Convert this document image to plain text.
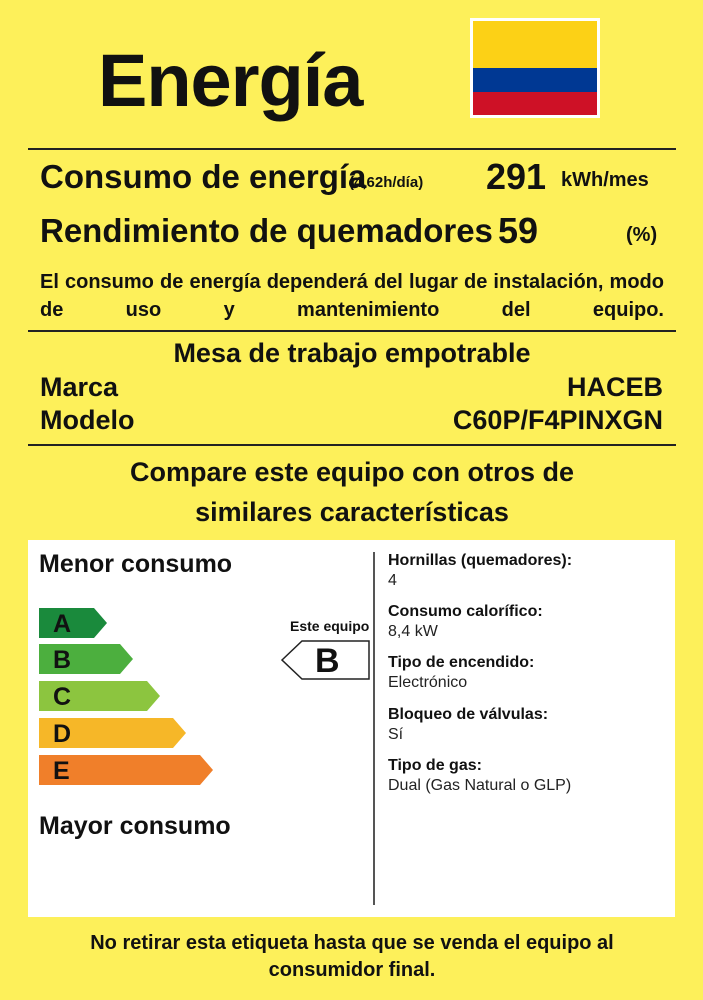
Energía
Consumo de energía
(4,62h/día) 291 kWh/mes
Rendimiento de quemadores 59	(%)
El consumo de energía dependerá del lugar de instalación, modo de uso y mantenimiento del equipo.
Mesa de trabajo empotrable
Marca	HACEB
Modelo	C60P/F4PINXGN
Compare este equipo con otros de
similares características
Menor consumo
A
B
C
D
E
Mayor consumo
Este equipo
B
Hornillas (quemadores):
4
Consumo calorífico:
8,4 kW
Tipo de encendido:
Electrónico
Bloqueo de válvulas:
Sí
Tipo de gas:
Dual (Gas Natural o GLP)
No retirar esta etiqueta hasta que se venda el equipo al
consumidor final.
